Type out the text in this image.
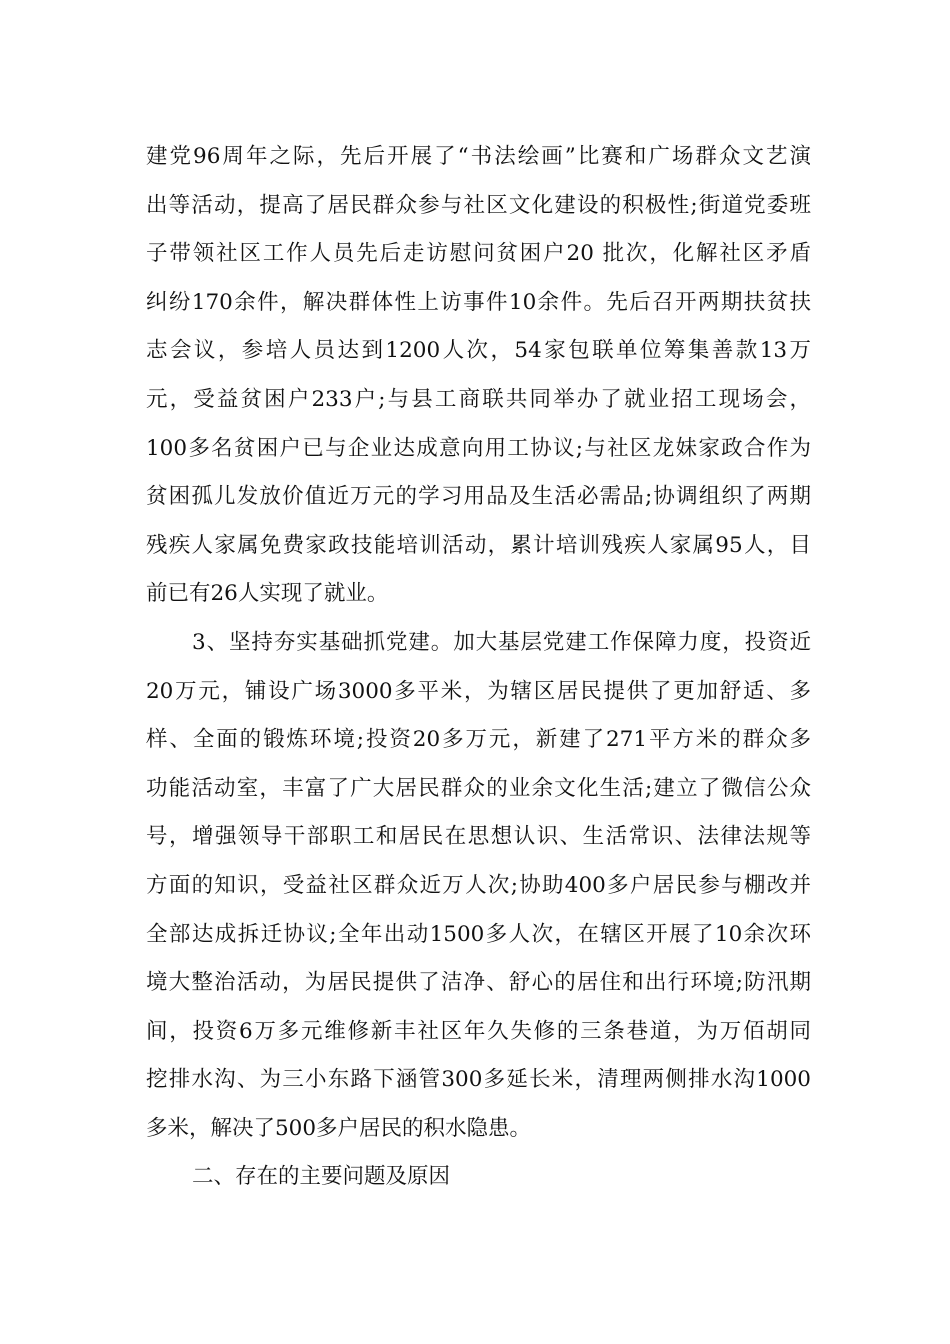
建党96周年之际，先后开展了“书法绘画”比赛和广场群众文艺演
出等活动，提高了居民群众参与社区文化建设的积极性;街道党委班
子带领社区工作人员先后走访慰问贫困户20 批次，化解社区矛盾
纠纷170余件，解决群体性上访事件10余件。先后召开两期扶贫扶
志会议，参培人员达到1200人次，54家包联单位筹集善款13万
元，受益贫困户233户;与县工商联共同举办了就业招工现场会，
100多名贫困户已与企业达成意向用工协议;与社区龙妹家政合作为
贫困孤儿发放价值近万元的学习用品及生活必需品;协调组织了两期
残疾人家属免费家政技能培训活动，累计培训残疾人家属95人，目
前已有26人实现了就业。
3、坚持夯实基础抓党建。加大基层党建工作保障力度，投资近
20万元，铺设广场3000多平米，为辖区居民提供了更加舒适、多
样、全面的锻炼环境;投资20多万元，新建了271平方米的群众多
功能活动室，丰富了广大居民群众的业余文化生活;建立了微信公众
号，增强领导干部职工和居民在思想认识、生活常识、法律法规等
方面的知识，受益社区群众近万人次;协助400多户居民参与棚改并
全部达成拆迁协议;全年出动1500多人次，在辖区开展了10余次环
境大整治活动，为居民提供了洁净、舒心的居住和出行环境;防汛期
间，投资6万多元维修新丰社区年久失修的三条巷道，为万佰胡同
挖排水沟、为三小东路下涵管300多延长米，清理两侧排水沟1000
多米，解决了500多户居民的积水隐患。
二、存在的主要问题及原因
